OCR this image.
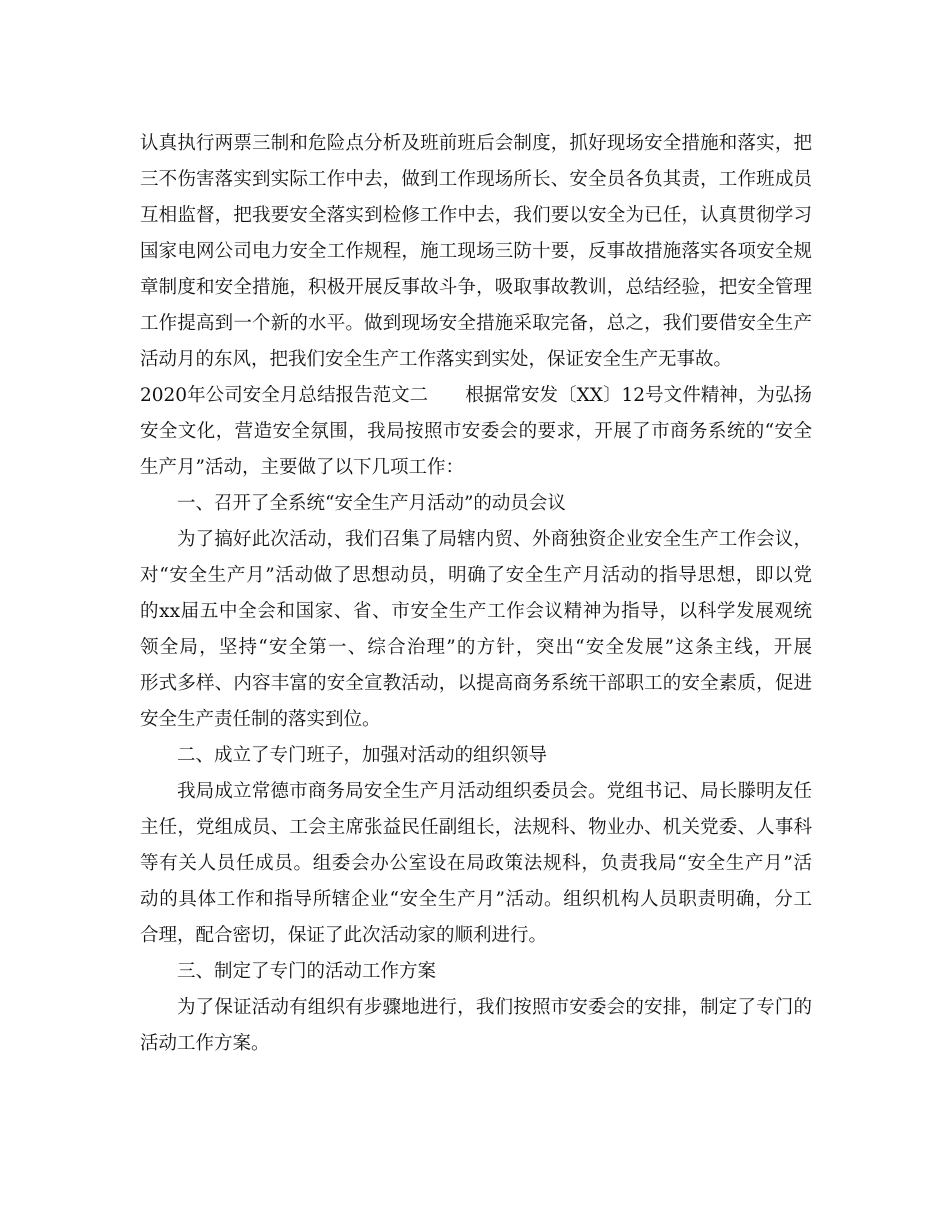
认真执行两票三制和危险点分析及班前班后会制度，抓好现场安全措施和落实，把
三不伤害落实到实际工作中去，做到工作现场所长、安全员各负其责，工作班成员
互相监督，把我要安全落实到检修工作中去，我们要以安全为已任，认真贯彻学习
国家电网公司电力安全工作规程，施工现场三防十要，反事故措施落实各项安全规
章制度和安全措施，积极开展反事故斗争，吸取事故教训，总结经验，把安全管理
工作提高到一个新的水平。做到现场安全措施采取完备，总之，我们要借安全生产
活动月的东风，把我们安全生产工作落实到实处，保证安全生产无事故。
2020年公司安全月总结报告范文二　　根据常安发〔XX〕12号文件精神，为弘扬
安全文化，营造安全氛围，我局按照市安委会的要求，开展了市商务系统的“安全
生产月”活动，主要做了以下几项工作：
一、召开了全系统“安全生产月活动”的动员会议
为了搞好此次活动，我们召集了局辖内贸、外商独资企业安全生产工作会议，
对“安全生产月”活动做了思想动员，明确了安全生产月活动的指导思想，即以党
的xx届五中全会和国家、省、市安全生产工作会议精神为指导，以科学发展观统
领全局，坚持“安全第一、综合治理”的方针，突出“安全发展”这条主线，开展
形式多样、内容丰富的安全宣教活动，以提高商务系统干部职工的安全素质，促进
安全生产责任制的落实到位。
二、成立了专门班子，加强对活动的组织领导
我局成立常德市商务局安全生产月活动组织委员会。党组书记、局长滕明友任
主任，党组成员、工会主席张益民任副组长，法规科、物业办、机关党委、人事科
等有关人员任成员。组委会办公室设在局政策法规科，负责我局“安全生产月”活
动的具体工作和指导所辖企业“安全生产月”活动。组织机构人员职责明确，分工
合理，配合密切，保证了此次活动家的顺利进行。
三、制定了专门的活动工作方案
为了保证活动有组织有步骤地进行，我们按照市安委会的安排，制定了专门的
活动工作方案。
